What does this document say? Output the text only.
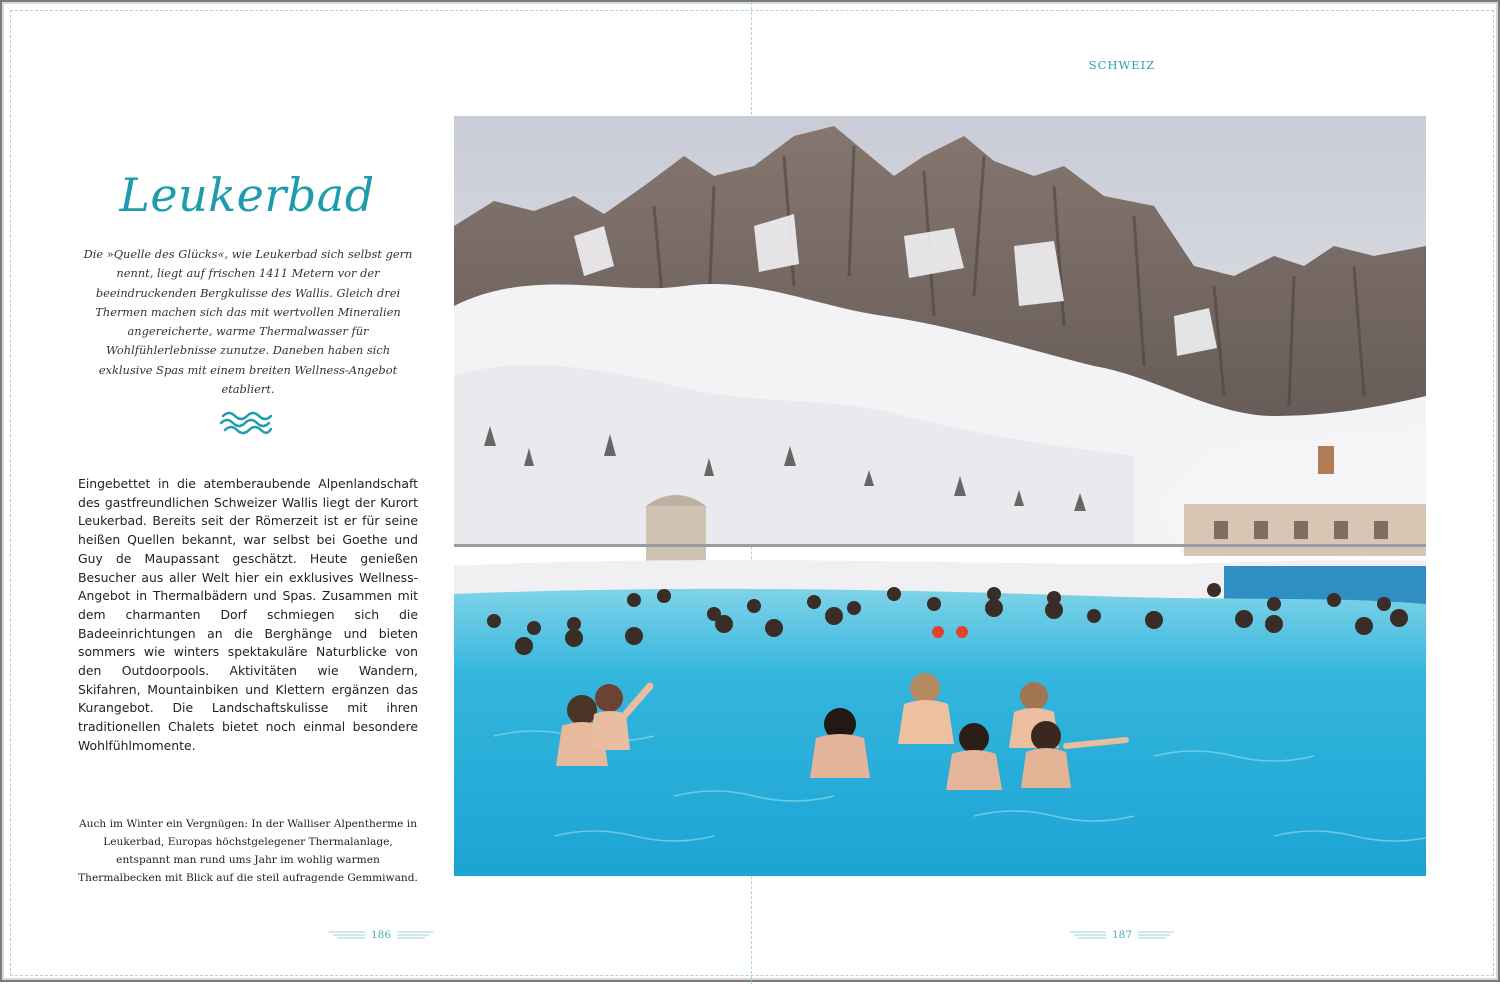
Leukerbad
Die »Quelle des Glücks«, wie Leukerbad sich selbst gern nennt, liegt auf frischen 1411 Metern vor der beeindruckenden Bergkulisse des Wallis. Gleich drei Thermen machen sich das mit wertvollen Mineralien angereicherte, warme Thermalwasser für Wohlfühlerlebnisse zunutze. Daneben haben sich exklusive Spas mit einem breiten Wellness-Angebot etabliert.
Eingebettet in die atemberaubende Alpenlandschaft des gastfreundlichen Schweizer Wallis liegt der Kurort Leukerbad. Bereits seit der Römerzeit ist er für seine heißen Quellen bekannt, war selbst bei Goethe und Guy de Maupassant geschätzt. Heute genießen Besucher aus aller Welt hier ein exklusives Wellness-Angebot in Thermalbädern und Spas. Zusammen mit dem charmanten Dorf schmiegen sich die Badeeinrichtungen an die Berghänge und bieten sommers wie winters spektakuläre Naturblicke von den Outdoorpools. Aktivitäten wie Wandern, Skifahren, Mountainbiken und Klettern ergänzen das Kurangebot. Die Landschaftskulisse mit ihren traditionellen Chalets bietet noch einmal besondere Wohlfühlmomente.
Auch im Winter ein Vergnügen: In der Walliser Alpentherme in Leukerbad, Europas höchstgelegener Thermalanlage, entspannt man rund ums Jahr im wohlig warmen Thermalbecken mit Blick auf die steil aufragende Gemmiwand.
186
SCHWEIZ
187
